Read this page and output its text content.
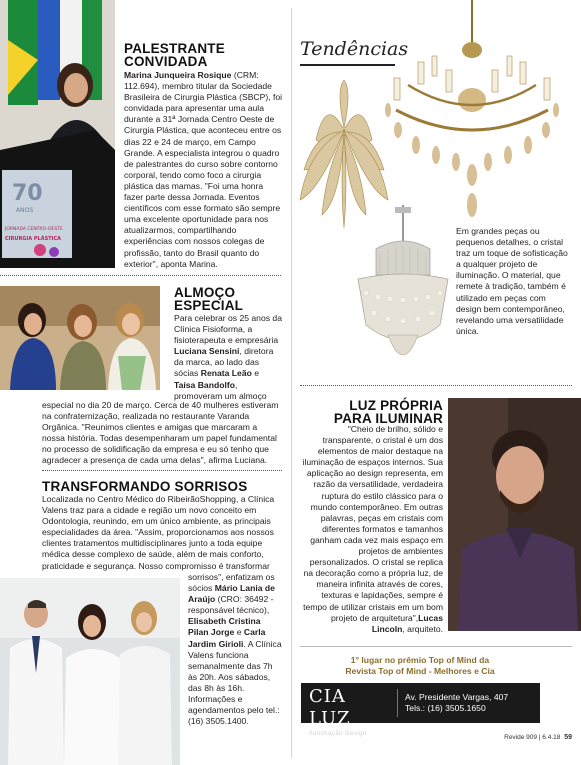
70
ANOS
JORNADA CENTRO-OESTE
CIRURGIA PLÁSTICA
PALESTRANTE
CONVIDADA
Marina Junqueira Rosique (CRM: 112.694), membro titular da Sociedade Brasileira de Cirurgia Plástica (SBCP), foi convidada para apresentar uma aula durante a 31ª Jornada Centro Oeste de Cirurgia Plástica, que aconteceu entre os dias 22 e 24 de março, em Campo Grande. A especialista integrou o quadro de palestrantes do curso sobre contorno corporal, tendo como foco a cirurgia plástica das mamas. "Foi uma honra fazer parte dessa Jornada. Eventos científicos com esse formato são sempre uma excelente oportunidade para nos atualizarmos, compartilhando experiências com nossos colegas de profissão, tanto do Brasil quanto do exterior", aponta Marina.
ALMOÇO
ESPECIAL
Para celebrar os 25 anos da Clínica Fisioforma, a fisioterapeuta e empresária Luciana Sensini, diretora da marca, ao lado das sócias Renata Leão e Taísa Bandolfo, promoveram um almoço
especial no dia 20 de março. Cerca de 40 mulheres estiveram na confraternização, realizada no restaurante Varanda Orgânica. "Reunimos clientes e amigas que marcaram a nossa história. Todas desempenharam um papel fundamental no processo de solidificação da empresa e eu só tenho que agradecer a presença de cada uma delas", afirma Luciana.
TRANSFORMANDO SORRISOS
Localizada no Centro Médico do RibeirãoShopping, a Clínica Valens traz para a cidade e região um novo conceito em Odontologia, reunindo, em um único ambiente, as principais especialidades da área. "Assim, proporcionamos aos nossos clientes tratamentos multidisciplinares junto a toda equipe médica desse complexo de saúde, além de mais conforto, praticidade e segurança. Nosso compromisso é transformar
sorrisos", enfatizam os sócios Mário Lania de Araújo (CRO: 36492 - responsável técnico), Elisabeth Cristina Pilan Jorge e Carla Jardim Girioli. A Clínica Valens funciona semanalmente das 7h às 20h. Aos sábados, das 8h às 16h. Informações e agendamentos pelo tel.: (16) 3505.1400.
Tendências
Em grandes peças ou pequenos detalhes, o cristal traz um toque de sofisticação a qualquer projeto de iluminação. O material, que remete à tradição, também é utilizado em peças com design bem contemporâneo, revelando uma versatilidade única.
LUZ PRÓPRIA
PARA ILUMINAR
"Cheio de brilho, sólido e transparente, o cristal é um dos elementos de maior destaque na iluminação de espaços internos. Sua aplicação ao design representa, em razão da versatilidade, verdadeira ruptura do estilo clássico para o mundo contemporâneo. Em outras palavras, peças em cristais com diferentes formatos e tamanhos ganham cada vez mais espaço em projetos de ambientes personalizados. O cristal se replica na decoração como a própria luz, de maneira infinita através de cores, texturas e lapidações, sempre é tempo de utilizar cristais em um bom projeto de arquitetura",Lucas Lincoln, arquiteto.
1° lugar no prêmio Top of Mind da
Revista Top of Mind - Melhores e Cia
CIA LUZ
Iluminação Design
Av. Presidente Vargas, 407
Tels.: (16) 3505.1650
Revide 909 | 6.4.18 59
